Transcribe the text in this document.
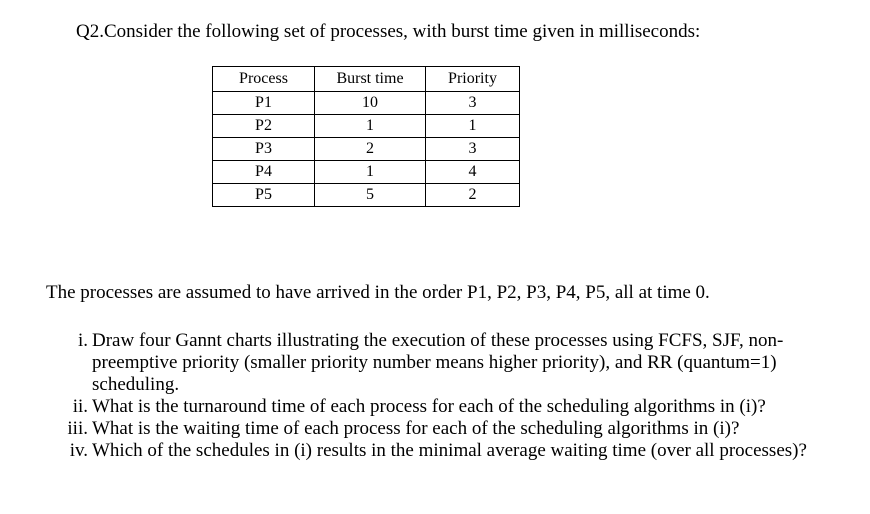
Q2.Consider the following set of processes, with burst time given in milliseconds:
Process	Burst time	Priority
P1	10	3
P2	1	1
P3	2	3
P4	1	4
P5	5	2
The processes are assumed to have arrived in the order P1, P2, P3, P4, P5, all at time 0.
i. Draw four Gannt charts illustrating the execution of these processes using FCFS, SJF, non-preemptive priority (smaller priority number means higher priority), and RR (quantum=1) scheduling.
ii. What is the turnaround time of each process for each of the scheduling algorithms in (i)?
iii. What is the waiting time of each process for each of the scheduling algorithms in (i)?
iv. Which of the schedules in (i) results in the minimal average waiting time (over all processes)?
